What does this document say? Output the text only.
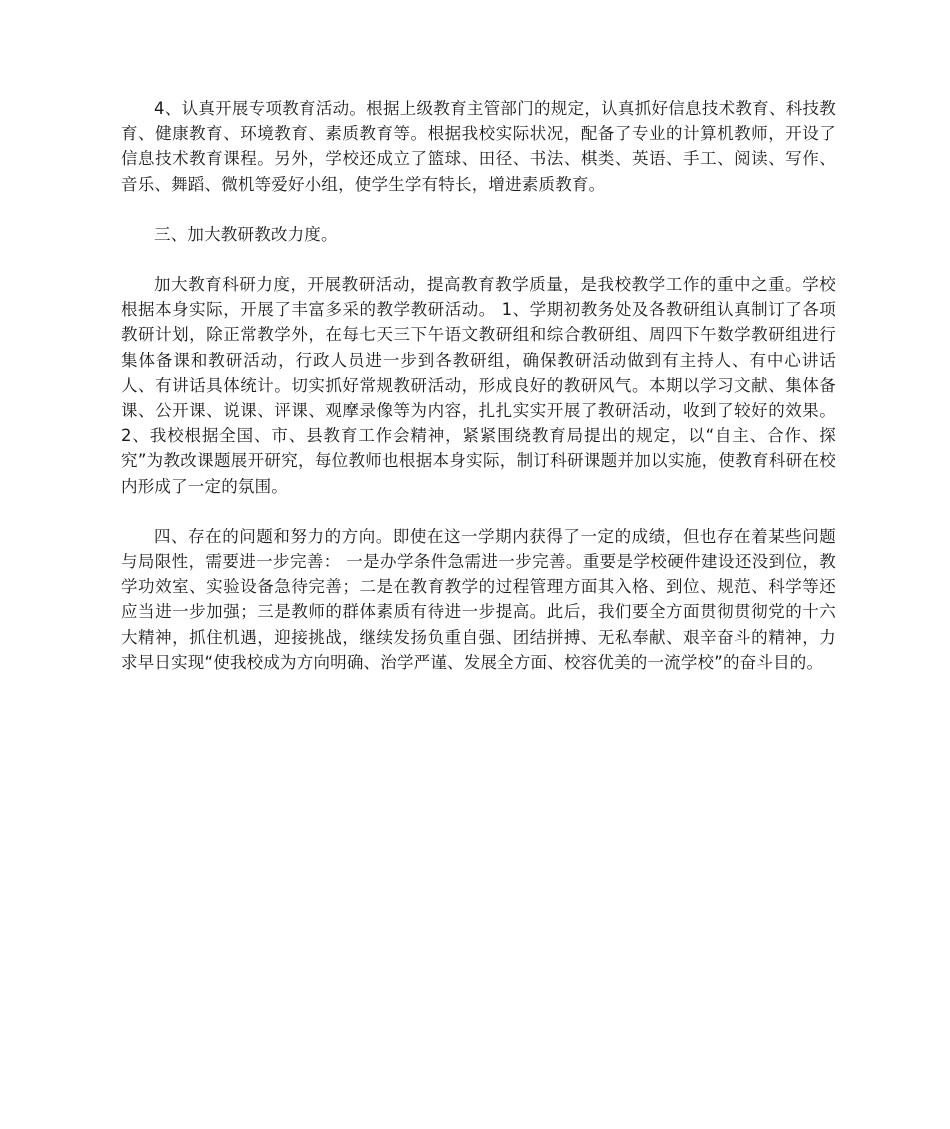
4、认真开展专项教育活动。根据上级教育主管部门的规定，认真抓好信息技术教育、科技教育、健康教育、环境教育、素质教育等。根据我校实际状况，配备了专业的计算机教师，开设了信息技术教育课程。另外，学校还成立了篮球、田径、书法、棋类、英语、手工、阅读、写作、音乐、舞蹈、微机等爱好小组，使学生学有特长，增进素质教育。

三、加大教研教改力度。

加大教育科研力度，开展教研活动，提高教育教学质量，是我校教学工作的重中之重。学校根据本身实际，开展了丰富多采的教学教研活动。 1、学期初教务处及各教研组认真制订了各项教研计划，除正常教学外，在每七天三下午语文教研组和综合教研组、周四下午数学教研组进行集体备课和教研活动，行政人员进一步到各教研组，确保教研活动做到有主持人、有中心讲话人、有讲话具体统计。切实抓好常规教研活动，形成良好的教研风气。本期以学习文献、集体备课、公开课、说课、评课、观摩录像等为内容，扎扎实实开展了教研活动，收到了较好的效果。2、我校根据全国、市、县教育工作会精神，紧紧围绕教育局提出的规定，以“自主、合作、探究”为教改课题展开研究，每位教师也根据本身实际，制订科研课题并加以实施，使教育科研在校内形成了一定的氛围。

四、存在的问题和努力的方向。即使在这一学期内获得了一定的成绩，但也存在着某些问题与局限性，需要进一步完善： 一是办学条件急需进一步完善。重要是学校硬件建设还没到位，教学功效室、实验设备急待完善；二是在教育教学的过程管理方面其入格、到位、规范、科学等还应当进一步加强；三是教师的群体素质有待进一步提高。此后，我们要全方面贯彻贯彻党的十六大精神，抓住机遇，迎接挑战，继续发扬负重自强、团结拼搏、无私奉献、艰辛奋斗的精神，力求早日实现“使我校成为方向明确、治学严谨、发展全方面、校容优美的一流学校”的奋斗目的。
